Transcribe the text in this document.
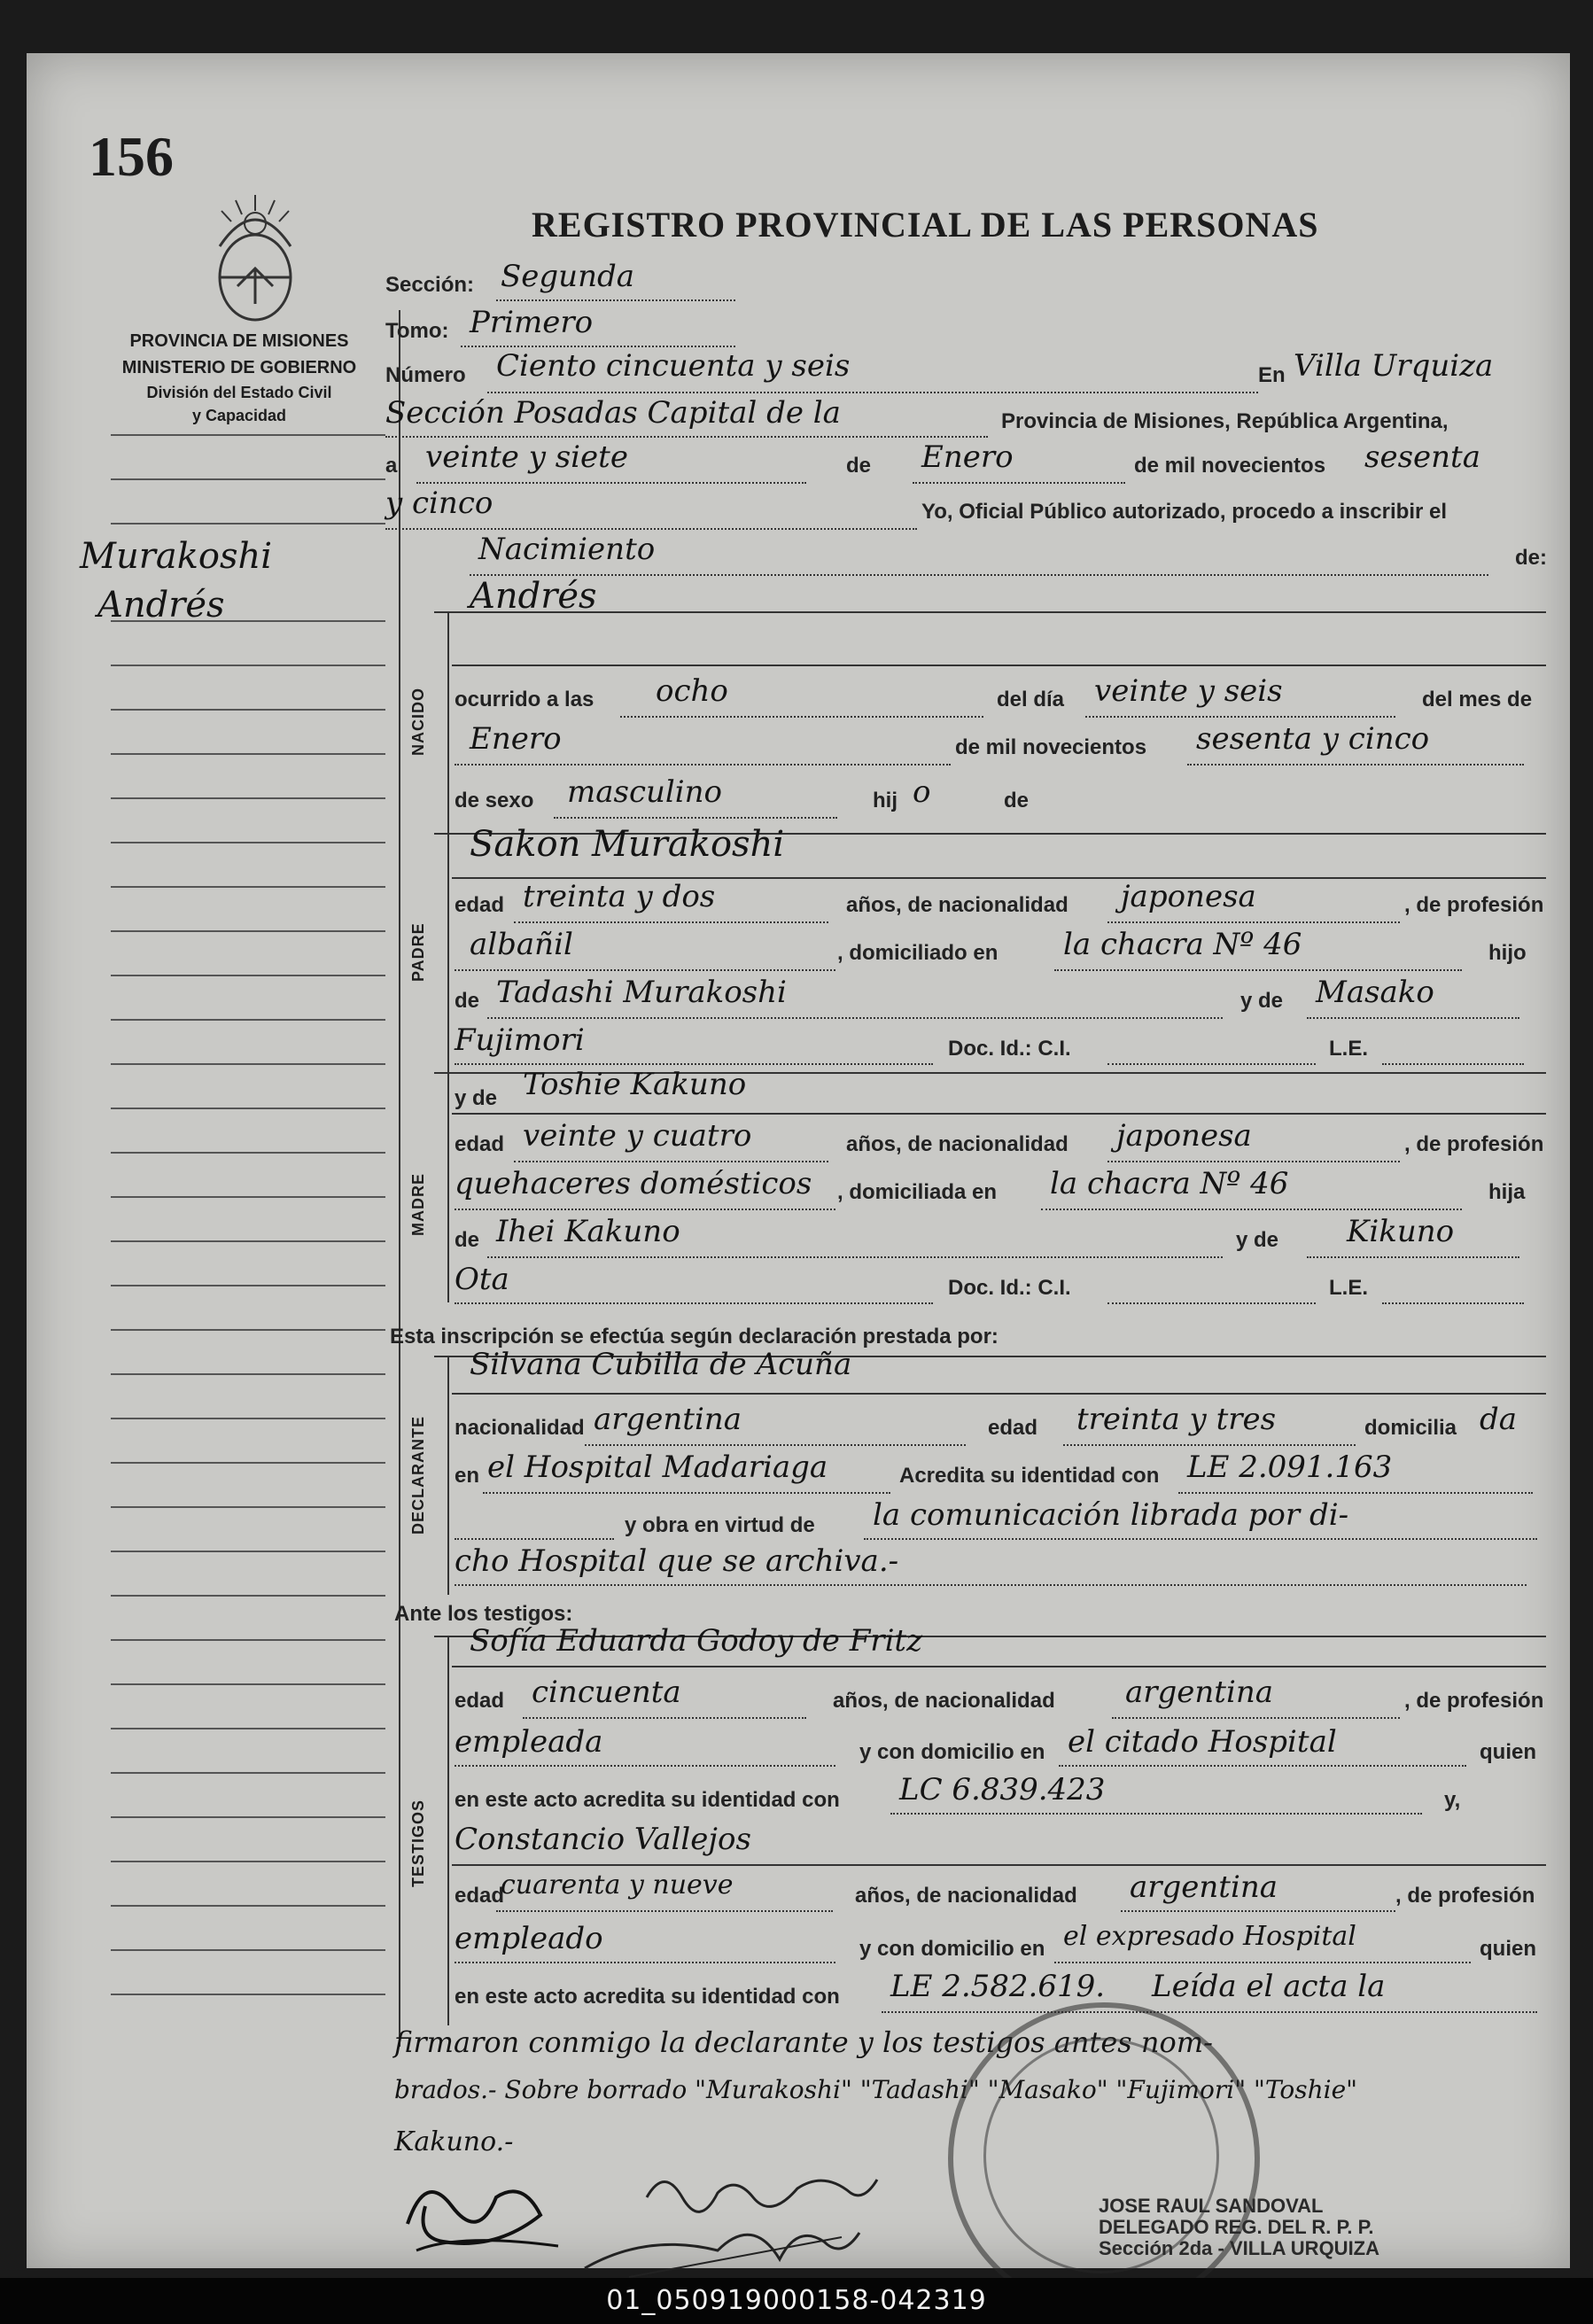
156
REGISTRO PROVINCIAL DE LAS PERSONAS
PROVINCIA DE MISIONES
MINISTERIO DE GOBIERNO
División del Estado Civil
y Capacidad
Murakoshi
Andrés
Sección: Segunda
Tomo: Primero
Número Ciento cincuenta y seis	En Villa Urquiza
Sección Posadas Capital de la	Provincia de Misiones, República Argentina,
a veinte y siete	de Enero	de mil novecientos sesenta
y cinco	Yo, Oficial Público autorizado, procedo a inscribir el
Nacimiento	de:
NACIDO
Andrés
ocurrido a las ocho	del día veinte y seis	del mes de
Enero	de mil novecientos sesenta y cinco
de sexo masculino	hij o	de
PADRE
Sakon Murakoshi
edad treinta y dos	años, de nacionalidad japonesa	, de profesión
albañil	, domiciliado en la chacra Nº 46	hijo
de Tadashi Murakoshi	y de Masako
Fujimori	Doc. Id.: C.I.	L.E.
MADRE
y de Toshie Kakuno
edad veinte y cuatro	años, de nacionalidad japonesa	, de profesión
quehaceres domésticos , domiciliada en la chacra Nº 46	hija
de Ihei Kakuno	y de Kikuno
Ota	Doc. Id.: C.I.	L.E.
Esta inscripción se efectúa según declaración prestada por:
DECLARANTE
Silvana Cubilla de Acuña
nacionalidad argentina	edad treinta y tres	domicilia da
en el Hospital Madariaga	Acredita su identidad con LE 2.091.163
y obra en virtud de la comunicación librada por di-
cho Hospital que se archiva.-
Ante los testigos:
TESTIGOS
Sofía Eduarda Godoy de Fritz
edad cincuenta	años, de nacionalidad argentina	, de profesión
empleada	y con domicilio en el citado Hospital	quien
en este acto acredita su identidad con LC 6.839.423	y,
Constancio Vallejos
edad
cuarenta y nueve	años, de nacionalidad argentina	, de profesión
empleado	y con domicilio en el expresado Hospital	quien
en este acto acredita su identidad con LE 2.582.619. Leída el acta la
firmaron conmigo la declarante y los testigos antes nom-
brados.- Sobre borrado "Murakoshi" "Tadashi" "Masako" "Fujimori" "Toshie"
Kakuno.-
JOSE RAUL SANDOVAL
DELEGADO REG. DEL R. P. P.
Sección 2da - VILLA URQUIZA
01_050919000158-042319
